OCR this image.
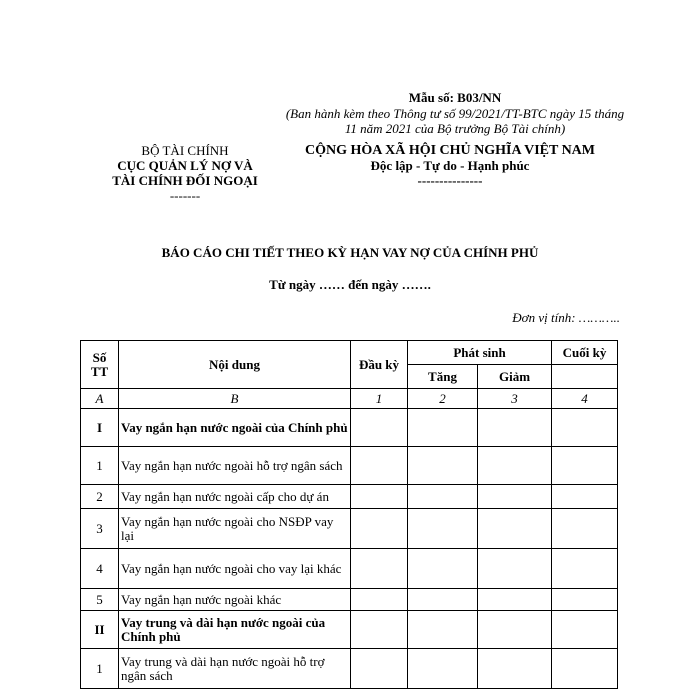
Mẫu số: B03/NN
(Ban hành kèm theo Thông tư số 99/2021/TT-BTC ngày 15 tháng 11 năm 2021 của Bộ trưởng Bộ Tài chính)
BỘ TÀI CHÍNH
CỤC QUẢN LÝ NỢ VÀ
TÀI CHÍNH ĐỐI NGOẠI
-------
CỘNG HÒA XÃ HỘI CHỦ NGHĨA VIỆT NAM
Độc lập - Tự do - Hạnh phúc
---------------
BÁO CÁO CHI TIẾT THEO KỲ HẠN VAY NỢ CỦA CHÍNH PHỦ
Từ ngày …… đến ngày …….
Đơn vị tính: ………..
Số TT	Nội dung	Đầu kỳ	Phát sinh		Cuối kỳ
			Tăng	Giảm	
A	B	1	2	3	4
I	Vay ngắn hạn nước ngoài của Chính phủ				
1	Vay ngắn hạn nước ngoài hỗ trợ ngân sách				
2	Vay ngắn hạn nước ngoài cấp cho dự án				
3	Vay ngắn hạn nước ngoài cho NSĐP vay lại				
4	Vay ngắn hạn nước ngoài cho vay lại khác				
5	Vay ngắn hạn nước ngoài khác				
II	Vay trung và dài hạn nước ngoài của Chính phủ				
1	Vay trung và dài hạn nước ngoài hỗ trợ ngân sách				
